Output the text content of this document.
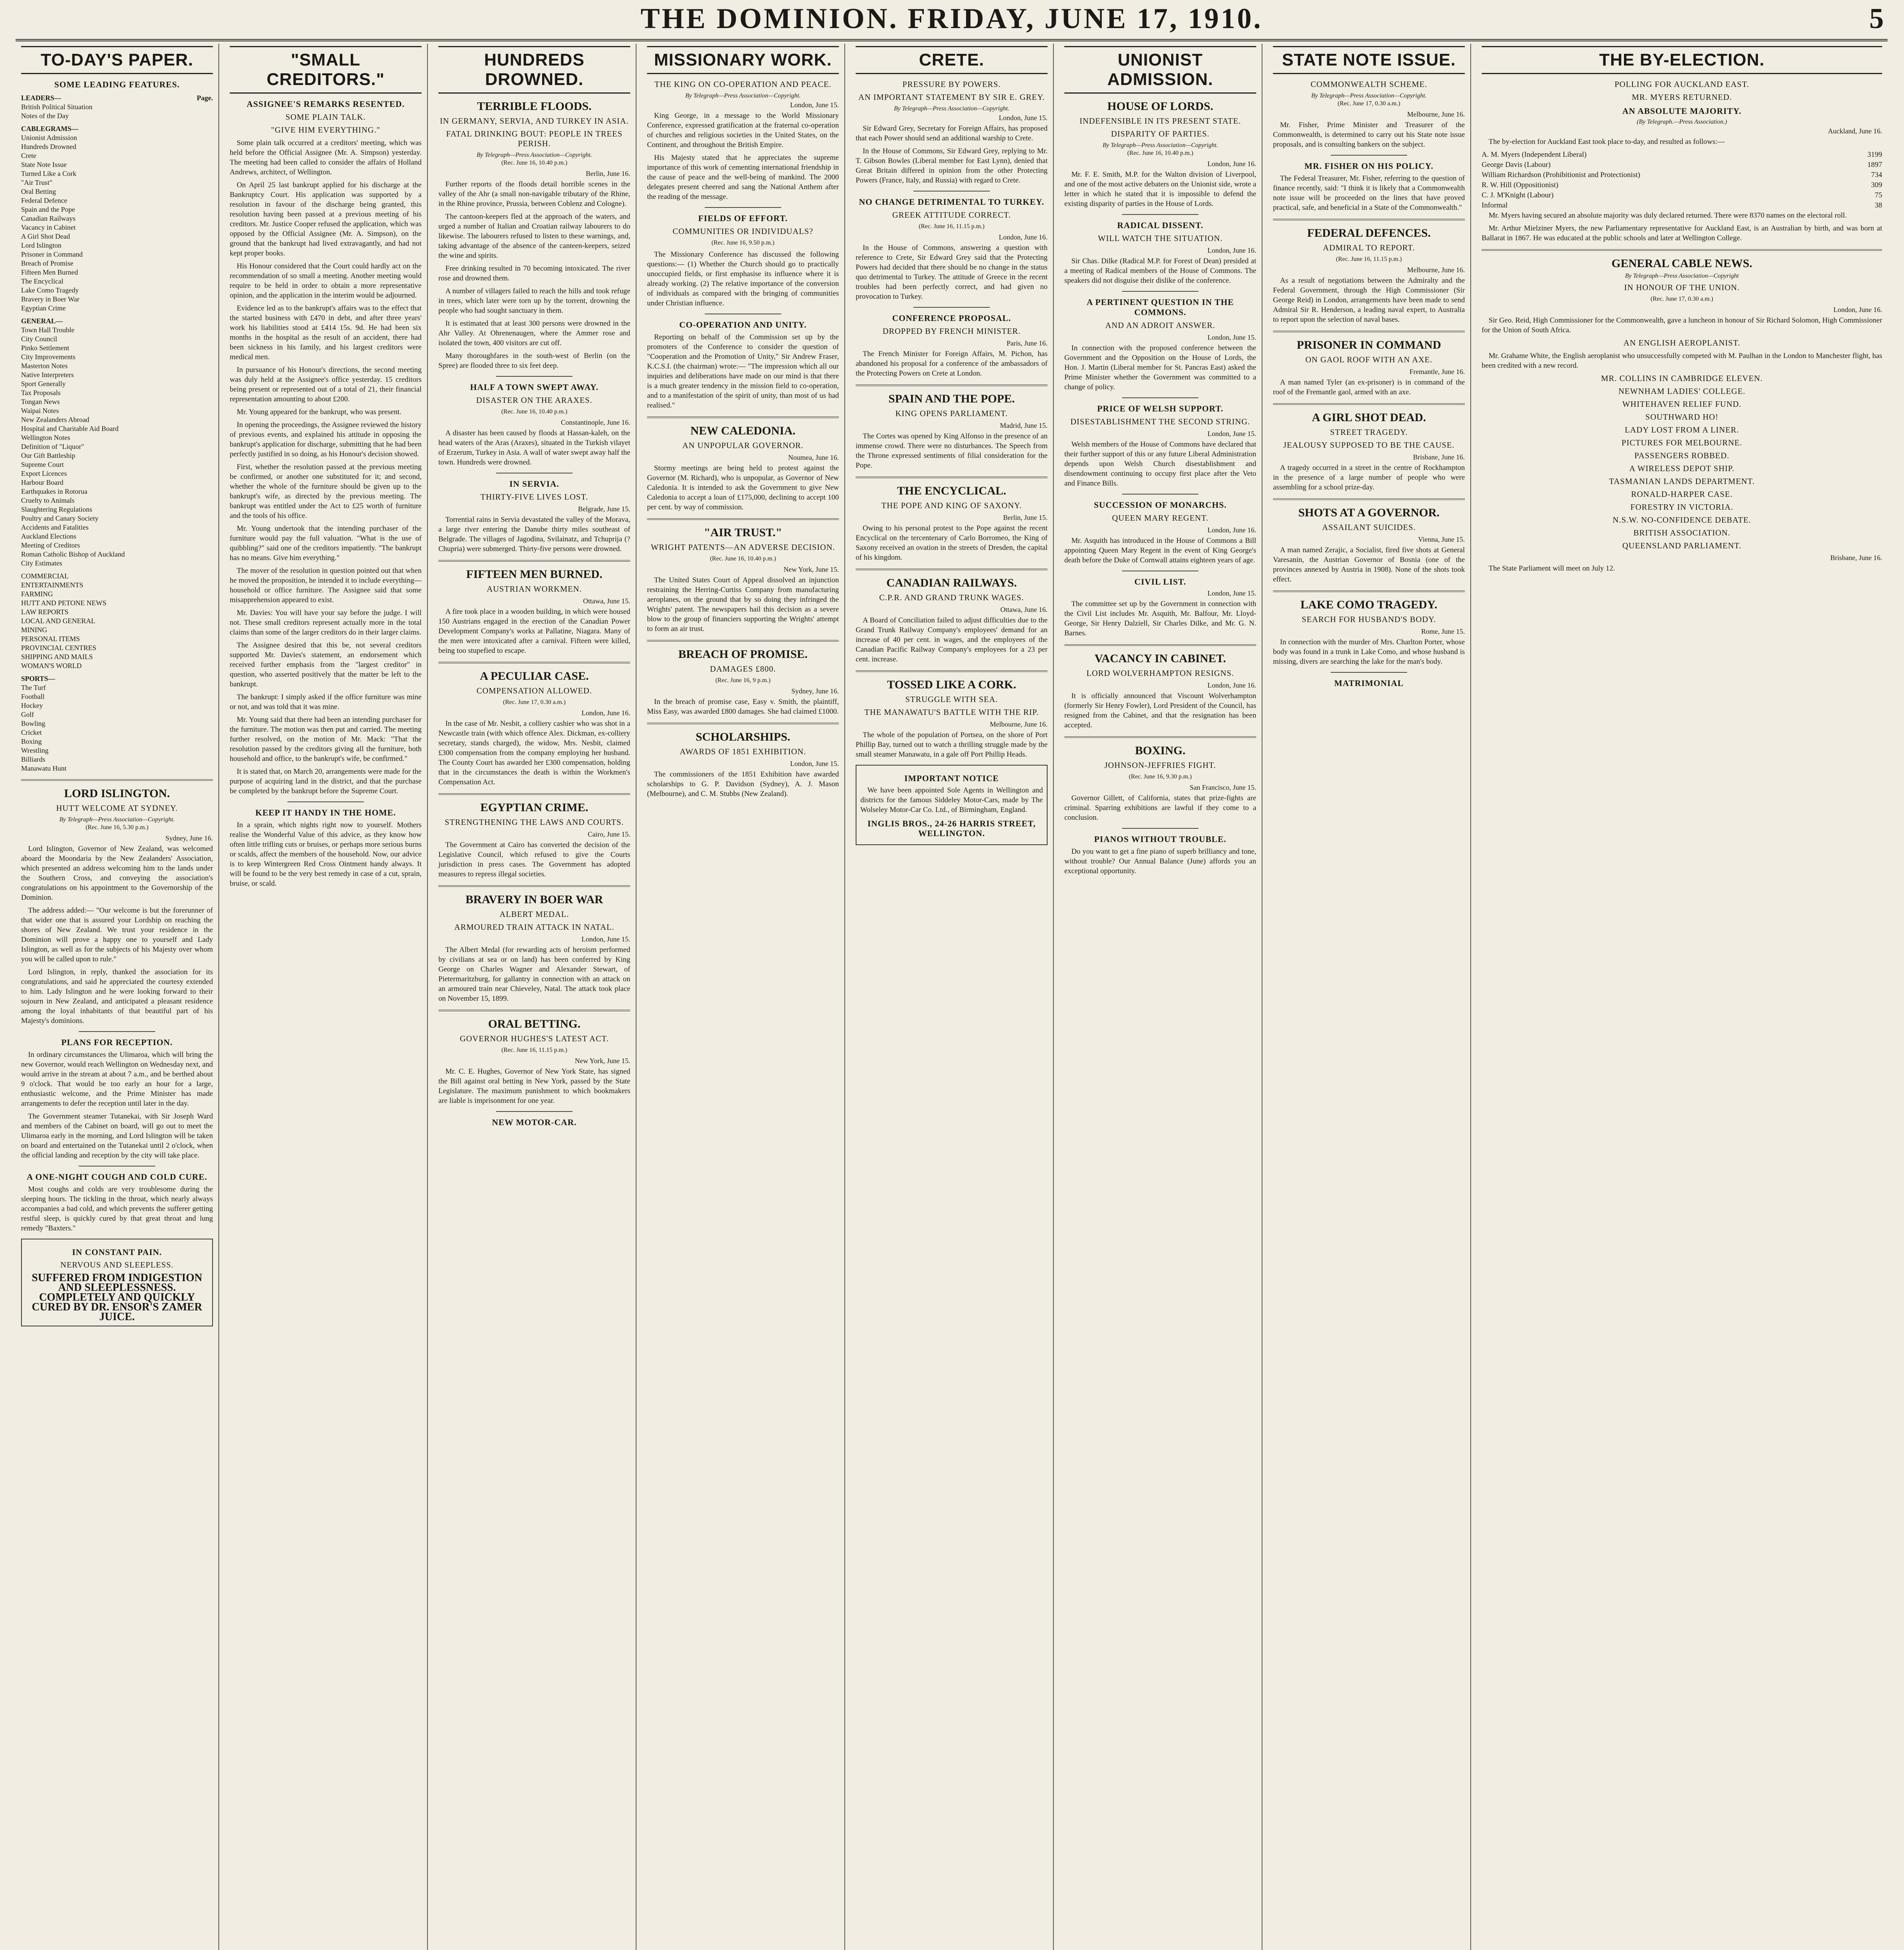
THE DOMINION. FRIDAY, JUNE 17, 1910.	5
TO-DAY'S PAPER.
SOME LEADING FEATURES.
LEADERS—	Page.
British Political Situation
Notes of the Day
CABLEGRAMS—
Unionist Admission
Hundreds Drowned
Crete
State Note Issue
Turned Like a Cork
"Air Trust"
Oral Betting
Federal Defence
Spain and the Pope
Canadian Railways
Vacancy in Cabinet
A Girl Shot Dead
Lord Islington
Prisoner in Command
Breach of Promise
Fifteen Men Burned
The Encyclical
Lake Como Tragedy
Bravery in Boer War
Egyptian Crime
GENERAL—
Town Hall Trouble
City Council
Pinko Settlement
City Improvements
Masterton Notes
Native Interpreters
Sport Generally
Tax Proposals
Tongan News
Waipai Notes
New Zealanders Abroad
Hospital and Charitable Aid Board
Wellington Notes
Definition of "Liquor"
Our Gift Battleship
Supreme Court
Export Licences
Harbour Board
Earthquakes in Rotorua
Cruelty to Animals
Slaughtering Regulations
Poultry and Canary Society
Accidents and Fatalities
Auckland Elections
Meeting of Creditors
Roman Catholic Bishop of Auckland
City Estimates
COMMERCIAL
ENTERTAINMENTS
FARMING
HUTT AND PETONE NEWS
LAW REPORTS
LOCAL AND GENERAL
MINING
PERSONAL ITEMS
PROVINCIAL CENTRES
SHIPPING AND MAILS
WOMAN'S WORLD
SPORTS—
The Turf
Football
Hockey
Golf
Bowling
Cricket
Boxing
Wrestling
Billiards
Manawatu Hunt
LORD ISLINGTON.
HUTT WELCOME AT SYDNEY.
By Telegraph—Press Association—Copyright.
(Rec. June 16, 5.30 p.m.)
Sydney, June 16.

Lord Islington, Governor of New Zealand, was welcomed aboard the Moondaria by the New Zealanders' Association, which presented an address welcoming him to the lands under the Southern Cross, and conveying the association's congratulations on his appointment to the Governorship of the Dominion.

The address added:— "Our welcome is but the forerunner of that wider one that is assured your Lordship on reaching the shores of New Zealand. We trust your residence in the Dominion will prove a happy one to yourself and Lady Islington, as well as for the subjects of his Majesty over whom you will be called upon to rule."

Lord Islington, in reply, thanked the association for its congratulations, and said he appreciated the courtesy extended to him. Lady Islington and he were looking forward to their sojourn in New Zealand, and anticipated a pleasant residence among the loyal inhabitants of that beautiful part of his Majesty's dominions.

PLANS FOR RECEPTION.

In ordinary circumstances the Ulimaroa, which will bring the new Governor, would reach Wellington on Wednesday next, and would arrive in the stream at about 7 a.m., and be berthed about 9 o'clock. That would be too early an hour for a large, enthusiastic welcome, and the Prime Minister has made arrangements to defer the reception until later in the day.

The Government steamer Tutanekai, with Sir Joseph Ward and members of the Cabinet on board, will go out to meet the Ulimaroa early in the morning, and Lord Islington will be taken on board and entertained on the Tutanekai until 2 o'clock, when the official landing and reception by the city will take place.

A ONE-NIGHT COUGH AND COLD CURE.

Most coughs and colds are very troublesome during the sleeping hours. The tickling in the throat, which nearly always accompanies a bad cold, and which prevents the sufferer getting restful sleep, is quickly cured by that great throat and lung remedy "Baxters."

IN CONSTANT PAIN.
NERVOUS AND SLEEPLESS.
SUFFERED FROM INDIGESTION AND SLEEPLESSNESS.
COMPLETELY AND QUICKLY CURED BY DR. ENSOR'S ZAMER JUICE.
"SMALL CREDITORS."
ASSIGNEE'S REMARKS RESENTED.
SOME PLAIN TALK.
"GIVE HIM EVERYTHING."

Some plain talk occurred at a creditors' meeting, which was held before the Official Assignee (Mr. A. Simpson) yesterday. The meeting had been called to consider the affairs of Holland Andrews, architect, of Wellington.

On April 25 last bankrupt applied for his discharge at the Bankruptcy Court. His application was supported by a resolution in favour of the discharge being granted, this resolution having been passed at a previous meeting of his creditors. Mr. Justice Cooper refused the application, which was opposed by the Official Assignee (Mr. A. Simpson), on the ground that the bankrupt had lived extravagantly, and had not kept proper books.

His Honour considered that the Court could hardly act on the recommendation of so small a meeting. Another meeting would require to be held in order to obtain a more representative opinion, and the application in the interim would be adjourned.

Evidence led as to the bankrupt's affairs was to the effect that the started business with £470 in debt, and after three years' work his liabilities stood at £414 15s. 9d. He had been six months in the hospital as the result of an accident, there had been sickness in his family, and his largest creditors were medical men.

In pursuance of his Honour's directions, the second meeting was duly held at the Assignee's office yesterday. 15 creditors being present or represented out of a total of 21, their financial representation amounting to about £200.

Mr. Young appeared for the bankrupt, who was present.

In opening the proceedings, the Assignee reviewed the history of previous events, and explained his attitude in opposing the bankrupt's application for discharge, submitting that he had been perfectly justified in so doing, as his Honour's decision showed.

First, whether the resolution passed at the previous meeting be confirmed, or another one substituted for it; and second, whether the whole of the furniture should be given up to the bankrupt's wife, as directed by the previous meeting. The bankrupt was entitled under the Act to £25 worth of furniture and the tools of his office.

Mr. Young undertook that the intending purchaser of the furniture would pay the full valuation. "What is the use of quibbling?" said one of the creditors impatiently. "The bankrupt has no means. Give him everything."

The mover of the resolution in question pointed out that when he moved the proposition, he intended it to include everything—household or office furniture. The Assignee said that some misapprehension appeared to exist.

Mr. Davies: You will have your say before the judge. I will not. These small creditors represent actually more in the total claims than some of the larger creditors do in their larger claims.

The Assignee desired that this be, not several creditors supported Mr. Davies's statement, an endorsement which received further emphasis from the "largest creditor" in question, who asserted positively that the matter be left to the bankrupt.

The bankrupt: I simply asked if the office furniture was mine or not, and was told that it was mine.

Mr. Young said that there had been an intending purchaser for the furniture. The motion was then put and carried. The meeting further resolved, on the motion of Mr. Mack: "That the resolution passed by the creditors giving all the furniture, both household and office, to the bankrupt's wife, be confirmed."

It is stated that, on March 20, arrangements were made for the purpose of acquiring land in the district, and that the purchase be completed by the bankrupt before the Supreme Court.

KEEP IT HANDY IN THE HOME.

In a sprain, which nights right now to yourself. Mothers realise the Wonderful Value of this advice, as they know how often little trifling cuts or bruises, or perhaps more serious burns or scalds, affect the members of the household. Now, our advice is to keep Wintergreen Red Cross Ointment handy always. It will be found to be the very best remedy in case of a cut, sprain, bruise, or scald.

HUNDREDS DROWNED.
TERRIBLE FLOODS.
IN GERMANY, SERVIA, AND TURKEY IN ASIA.
FATAL DRINKING BOUT: PEOPLE IN TREES PERISH.
By Telegraph—Press Association—Copyright.
(Rec. June 16, 10.40 p.m.)
Berlin, June 16.

Further reports of the floods detail horrible scenes in the valley of the Ahr (a small non-navigable tributary of the Rhine, in the Rhine province, Prussia, between Coblenz and Cologne).

The cantoon-keepers fled at the approach of the waters, and urged a number of Italian and Croatian railway labourers to do likewise. The labourers refused to listen to these warnings, and, taking advantage of the absence of the canteen-keepers, seized the wine and spirits.

Free drinking resulted in 70 becoming intoxicated. The river rose and drowned them.

A number of villagers failed to reach the hills and took refuge in trees, which later were torn up by the torrent, drowning the people who had sought sanctuary in them.

It is estimated that at least 300 persons were drowned in the Ahr Valley. At Ohrenenaugen, where the Ammer rose and isolated the town, 400 visitors are cut off.

Many thoroughfares in the south-west of Berlin (on the Spree) are flooded three to six feet deep.

HALF A TOWN SWEPT AWAY.
DISASTER ON THE ARAXES.
(Rec. June 16, 10.40 p.m.)
Constantinople, June 16.

A disaster has been caused by floods at Hassan-kaleh, on the head waters of the Aras (Araxes), situated in the Turkish vilayet of Erzerum, Turkey in Asia. A wall of water swept away half the town. Hundreds were drowned.

IN SERVIA.
THIRTY-FIVE LIVES LOST.
Belgrade, June 15.

Torrential rains in Servia devastated the valley of the Morava, a large river entering the Danube thirty miles southeast of Belgrade. The villages of Jagodina, Svilainatz, and Tchuprija (? Chupria) were submerged. Thirty-five persons were drowned.

FIFTEEN MEN BURNED.
AUSTRIAN WORKMEN.
Ottawa, June 15.

A fire took place in a wooden building, in which were housed 150 Austrians engaged in the erection of the Canadian Power Development Company's works at Pallatine, Niagara. Many of the men were intoxicated after a carnival. Fifteen were killed, being too stupefied to escape.

A PECULIAR CASE.
COMPENSATION ALLOWED.
(Rec. June 17, 0.30 a.m.)
London, June 16.

In the case of Mr. Nesbit, a colliery cashier who was shot in a Newcastle train (with which offence Alex. Dickman, ex-colliery secretary, stands charged), the widow, Mrs. Nesbit, claimed £300 compensation from the company employing her husband. The County Court has awarded her £300 compensation, holding that in the circumstances the death is within the Workmen's Compensation Act.

EGYPTIAN CRIME.
STRENGTHENING THE LAWS AND COURTS.
Cairo, June 15.

The Government at Cairo has converted the decision of the Legislative Council, which refused to give the Courts jurisdiction in press cases. The Government has adopted measures to repress illegal societies.

BRAVERY IN BOER WAR
ALBERT MEDAL.
ARMOURED TRAIN ATTACK IN NATAL.
London, June 15.

The Albert Medal (for rewarding acts of heroism performed by civilians at sea or on land) has been conferred by King George on Charles Wagner and Alexander Stewart, of Pietermaritzburg, for gallantry in connection with an attack on an armoured train near Chieveley, Natal. The attack took place on November 15, 1899.

ORAL BETTING.
GOVERNOR HUGHES'S LATEST ACT.
(Rec. June 16, 11.15 p.m.)
New York, June 15.

Mr. C. E. Hughes, Governor of New York State, has signed the Bill against oral betting in New York, passed by the State Legislature. The maximum punishment to which bookmakers are liable is imprisonment for one year.

NEW MOTOR-CAR.
MISSIONARY WORK.
THE KING ON CO-OPERATION AND PEACE.
By Telegraph—Press Association—Copyright.
London, June 15.

King George, in a message to the World Missionary Conference, expressed gratification at the fraternal co-operation of churches and religious societies in the United States, on the Continent, and throughout the British Empire.

His Majesty stated that he appreciates the supreme importance of this work of cementing international friendship in the cause of peace and the well-being of mankind. The 2000 delegates present cheered and sang the National Anthem after the reading of the message.

FIELDS OF EFFORT.
COMMUNITIES OR INDIVIDUALS?
(Rec. June 16, 9.50 p.m.)

The Missionary Conference has discussed the following questions:— (1) Whether the Church should go to practically unoccupied fields, or first emphasise its influence where it is already working. (2) The relative importance of the conversion of individuals as compared with the bringing of communities under Christian influence.

CO-OPERATION AND UNITY.

Reporting on behalf of the Commission set up by the promoters of the Conference to consider the question of "Cooperation and the Promotion of Unity," Sir Andrew Fraser, K.C.S.I. (the chairman) wrote:— "The impression which all our inquiries and deliberations have made on our mind is that there is a much greater tendency in the mission field to co-operation, and to a manifestation of the spirit of unity, than most of us had realised."

NEW CALEDONIA.
AN UNPOPULAR GOVERNOR.
Noumea, June 16.

Stormy meetings are being held to protest against the Governor (M. Richard), who is unpopular, as Governor of New Caledonia. It is intended to ask the Government to give New Caledonia to accept a loan of £175,000, declining to accept 100 per cent. by way of commission.

"AIR TRUST."
WRIGHT PATENTS—AN ADVERSE DECISION.
(Rec. June 16, 10.40 p.m.)
New York, June 15.

The United States Court of Appeal dissolved an injunction restraining the Herring-Curtiss Company from manufacturing aeroplanes, on the ground that by so doing they infringed the Wrights' patent. The newspapers hail this decision as a severe blow to the group of financiers supporting the Wrights' attempt to form an air trust.

BREACH OF PROMISE.
DAMAGES £800.
(Rec. June 16, 9 p.m.)
Sydney, June 16.

In the breach of promise case, Easy v. Smith, the plaintiff, Miss Easy, was awarded £800 damages. She had claimed £1000.

SCHOLARSHIPS.
AWARDS OF 1851 EXHIBITION.
London, June 15.

The commissioners of the 1851 Exhibition have awarded scholarships to G. P. Davidson (Sydney), A. J. Mason (Melbourne), and C. M. Stubbs (New Zealand).

CRETE.
PRESSURE BY POWERS.
AN IMPORTANT STATEMENT BY SIR E. GREY.
By Telegraph—Press Association—Copyright.
London, June 15.

Sir Edward Grey, Secretary for Foreign Affairs, has proposed that each Power should send an additional warship to Crete.

In the House of Commons, Sir Edward Grey, replying to Mr. T. Gibson Bowles (Liberal member for East Lynn), denied that Great Britain differed in opinion from the other Protecting Powers (France, Italy, and Russia) with regard to Crete.

NO CHANGE DETRIMENTAL TO TURKEY.
GREEK ATTITUDE CORRECT.
(Rec. June 16, 11.15 p.m.)
London, June 16.

In the House of Commons, answering a question with reference to Crete, Sir Edward Grey said that the Protecting Powers had decided that there should be no change in the status quo detrimental to Turkey. The attitude of Greece in the recent troubles had been perfectly correct, and had given no provocation to Turkey.

CONFERENCE PROPOSAL.
DROPPED BY FRENCH MINISTER.
Paris, June 16.

The French Minister for Foreign Affairs, M. Pichon, has abandoned his proposal for a conference of the ambassadors of the Protecting Powers on Crete at London.

SPAIN AND THE POPE.
KING OPENS PARLIAMENT.
Madrid, June 15.

The Cortes was opened by King Alfonso in the presence of an immense crowd. There were no disturbances. The Speech from the Throne expressed sentiments of filial consideration for the Pope.

THE ENCYCLICAL.
THE POPE AND KING OF SAXONY.
Berlin, June 15.

Owing to his personal protest to the Pope against the recent Encyclical on the tercentenary of Carlo Borromeo, the King of Saxony received an ovation in the streets of Dresden, the capital of his kingdom.

CANADIAN RAILWAYS.
C.P.R. AND GRAND TRUNK WAGES.
Ottawa, June 16.

A Board of Conciliation failed to adjust difficulties due to the Grand Trunk Railway Company's employees' demand for an increase of 40 per cent. in wages, and the employees of the Canadian Pacific Railway Company's employees for a 23 per cent. increase.

TOSSED LIKE A CORK.
STRUGGLE WITH SEA.
THE MANAWATU'S BATTLE WITH THE RIP.
Melbourne, June 16.

The whole of the population of Portsea, on the shore of Port Phillip Bay, turned out to watch a thrilling struggle made by the small steamer Manawatu, in a gale off Port Phillip Heads.

IMPORTANT NOTICE

We have been appointed Sole Agents in Wellington and districts for the famous Siddeley Motor-Cars, made by The Wolseley Motor-Car Co. Ltd., of Birmingham, England.

INGLIS BROS., 24-26 HARRIS STREET, WELLINGTON.
UNIONIST ADMISSION.
HOUSE OF LORDS.
INDEFENSIBLE IN ITS PRESENT STATE.
DISPARITY OF PARTIES.
By Telegraph—Press Association—Copyright.
(Rec. June 16, 10.40 p.m.)
London, June 16.

Mr. F. E. Smith, M.P. for the Walton division of Liverpool, and one of the most active debaters on the Unionist side, wrote a letter in which he stated that it is impossible to defend the existing disparity of parties in the House of Lords.

RADICAL DISSENT.
WILL WATCH THE SITUATION.
London, June 16.

Sir Chas. Dilke (Radical M.P. for Forest of Dean) presided at a meeting of Radical members of the House of Commons. The speakers did not disguise their dislike of the conference.

A PERTINENT QUESTION IN THE COMMONS.
AND AN ADROIT ANSWER.
London, June 15.

In connection with the proposed conference between the Government and the Opposition on the House of Lords, the Hon. J. Martin (Liberal member for St. Pancras East) asked the Prime Minister whether the Government was committed to a change of policy.

PRICE OF WELSH SUPPORT.
DISESTABLISHMENT THE SECOND STRING.
London, June 15.

Welsh members of the House of Commons have declared that their further support of this or any future Liberal Administration depends upon Welsh Church disestablishment and disendowment continuing to occupy first place after the Veto and Finance Bills.

SUCCESSION OF MONARCHS.
QUEEN MARY REGENT.
London, June 16.

Mr. Asquith has introduced in the House of Commons a Bill appointing Queen Mary Regent in the event of King George's death before the Duke of Cornwall attains eighteen years of age.

CIVIL LIST.
London, June 15.

The committee set up by the Government in connection with the Civil List includes Mr. Asquith, Mr. Balfour, Mr. Lloyd-George, Sir Henry Dalziell, Sir Charles Dilke, and Mr. G. N. Barnes.

VACANCY IN CABINET.
LORD WOLVERHAMPTON RESIGNS.
London, June 16.

It is officially announced that Viscount Wolverhampton (formerly Sir Henry Fowler), Lord President of the Council, has resigned from the Cabinet, and that the resignation has been accepted.

BOXING.
JOHNSON-JEFFRIES FIGHT.
(Rec. June 16, 9.30 p.m.)
San Francisco, June 15.

Governor Gillett, of California, states that prize-fights are criminal. Sparring exhibitions are lawful if they come to a conclusion.

PIANOS WITHOUT TROUBLE.

Do you want to get a fine piano of superb brilliancy and tone, without trouble? Our Annual Balance (June) affords you an exceptional opportunity.

STATE NOTE ISSUE.
COMMONWEALTH SCHEME.
By Telegraph—Press Association—Copyright.
(Rec. June 17, 0.30 a.m.)
Melbourne, June 16.

Mr. Fisher, Prime Minister and Treasurer of the Commonwealth, is determined to carry out his State note issue proposals, and is consulting bankers on the subject.

MR. FISHER ON HIS POLICY.

The Federal Treasurer, Mr. Fisher, referring to the question of finance recently, said: "I think it is likely that a Commonwealth note issue will be proceeded on the lines that have proved practical, safe, and beneficial in a State of the Commonwealth."

FEDERAL DEFENCES.
ADMIRAL TO REPORT.
(Rec. June 16, 11.15 p.m.)
Melbourne, June 16.

As a result of negotiations between the Admiralty and the Federal Government, through the High Commissioner (Sir George Reid) in London, arrangements have been made to send Admiral Sir R. Henderson, a leading naval expert, to Australia to report upon the selection of naval bases.

PRISONER IN COMMAND
ON GAOL ROOF WITH AN AXE.
Fremantle, June 16.

A man named Tyler (an ex-prisoner) is in command of the roof of the Fremantle gaol, armed with an axe.

A GIRL SHOT DEAD.
STREET TRAGEDY.
JEALOUSY SUPPOSED TO BE THE CAUSE.
Brisbane, June 16.

A tragedy occurred in a street in the centre of Rockhampton in the presence of a large number of people who were assembling for a school prize-day.

SHOTS AT A GOVERNOR.
ASSAILANT SUICIDES.
Vienna, June 15.

A man named Zerajic, a Socialist, fired five shots at General Varesanin, the Austrian Governor of Bosnia (one of the provinces annexed by Austria in 1908). None of the shots took effect.

LAKE COMO TRAGEDY.
SEARCH FOR HUSBAND'S BODY.
Rome, June 15.

In connection with the murder of Mrs. Charlton Porter, whose body was found in a trunk in Lake Como, and whose husband is missing, divers are searching the lake for the man's body.

MATRIMONIAL
THE BY-ELECTION.
POLLING FOR AUCKLAND EAST.
MR. MYERS RETURNED.
AN ABSOLUTE MAJORITY.
(By Telegraph.—Press Association.)
Auckland, June 16.

The by-election for Auckland East took place to-day, and resulted as follows:—

A. M. Myers (Independent Liberal)	3199
George Davis (Labour)	1897
William Richardson (Prohibitionist and Protectionist)	734
R. W. Hill (Oppositionist)	309
C. J. M'Knight (Labour)	75
Informal	38

Mr. Myers having secured an absolute majority was duly declared returned. There were 8370 names on the electoral roll.

Mr. Arthur Mielziner Myers, the new Parliamentary representative for Auckland East, is an Australian by birth, and was born at Ballarat in 1867. He was educated at the public schools and later at Wellington College.

GENERAL CABLE NEWS.
By Telegraph—Press Association—Copyright
IN HONOUR OF THE UNION.
(Rec. June 17, 0.30 a.m.)
London, June 16.

Sir Geo. Reid, High Commissioner for the Commonwealth, gave a luncheon in honour of Sir Richard Solomon, High Commissioner for the Union of South Africa.

AN ENGLISH AEROPLANIST.

Mr. Grahame White, the English aeroplanist who unsuccessfully competed with M. Paulhan in the London to Manchester flight, has been credited with a new record.

MR. COLLINS IN CAMBRIDGE ELEVEN.
NEWNHAM LADIES' COLLEGE.
WHITEHAVEN RELIEF FUND.
SOUTHWARD HO!
LADY LOST FROM A LINER.
PICTURES FOR MELBOURNE.
PASSENGERS ROBBED.
A WIRELESS DEPOT SHIP.
TASMANIAN LANDS DEPARTMENT.
RONALD-HARPER CASE.
FORESTRY IN VICTORIA.
N.S.W. NO-CONFIDENCE DEBATE.
BRITISH ASSOCIATION.
QUEENSLAND PARLIAMENT.
Brisbane, June 16.

The State Parliament will meet on July 12.
